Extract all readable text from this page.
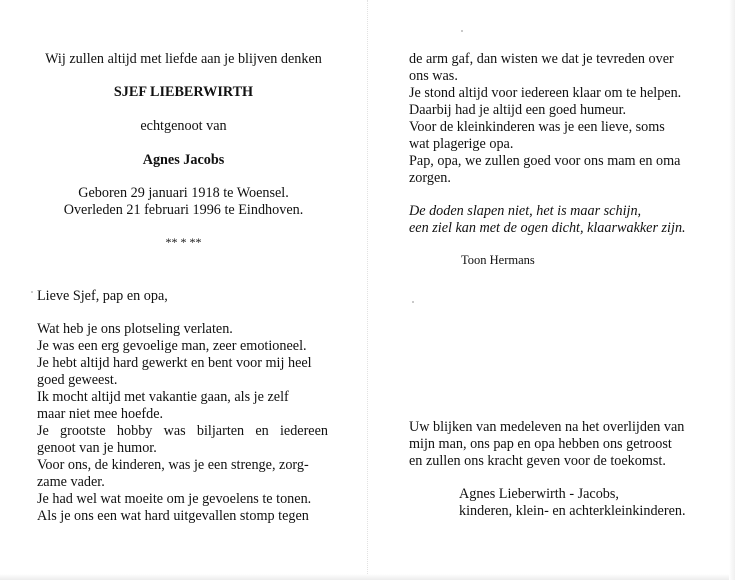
Wij zullen altijd met liefde aan je blijven denken
SJEF LIEBERWIRTH
echtgenoot van
Agnes Jacobs
Geboren 29 januari 1918 te Woensel.
Overleden 21 februari 1996 te Eindhoven.
** * **
Lieve Sjef, pap en opa,
Wat heb je ons plotseling verlaten.
Je was een erg gevoelige man, zeer emotioneel.
Je hebt altijd hard gewerkt en bent voor mij heel
goed geweest.
Ik mocht altijd met vakantie gaan, als je zelf
maar niet mee hoefde.
Je grootste hobby was biljarten en iedereen
genoot van je humor.
Voor ons, de kinderen, was je een strenge, zorg-
zame vader.
Je had wel wat moeite om je gevoelens te tonen.
Als je ons een wat hard uitgevallen stomp tegen
de arm gaf, dan wisten we dat je tevreden over
ons was.
Je stond altijd voor iedereen klaar om te helpen.
Daarbij had je altijd een goed humeur.
Voor de kleinkinderen was je een lieve, soms
wat plagerige opa.
Pap, opa, we zullen goed voor ons mam en oma
zorgen.
De doden slapen niet, het is maar schijn,
een ziel kan met de ogen dicht, klaarwakker zijn.
Toon Hermans
Uw blijken van medeleven na het overlijden van
mijn man, ons pap en opa hebben ons getroost
en zullen ons kracht geven voor de toekomst.
Agnes Lieberwirth - Jacobs,
kinderen, klein- en achterkleinkinderen.
